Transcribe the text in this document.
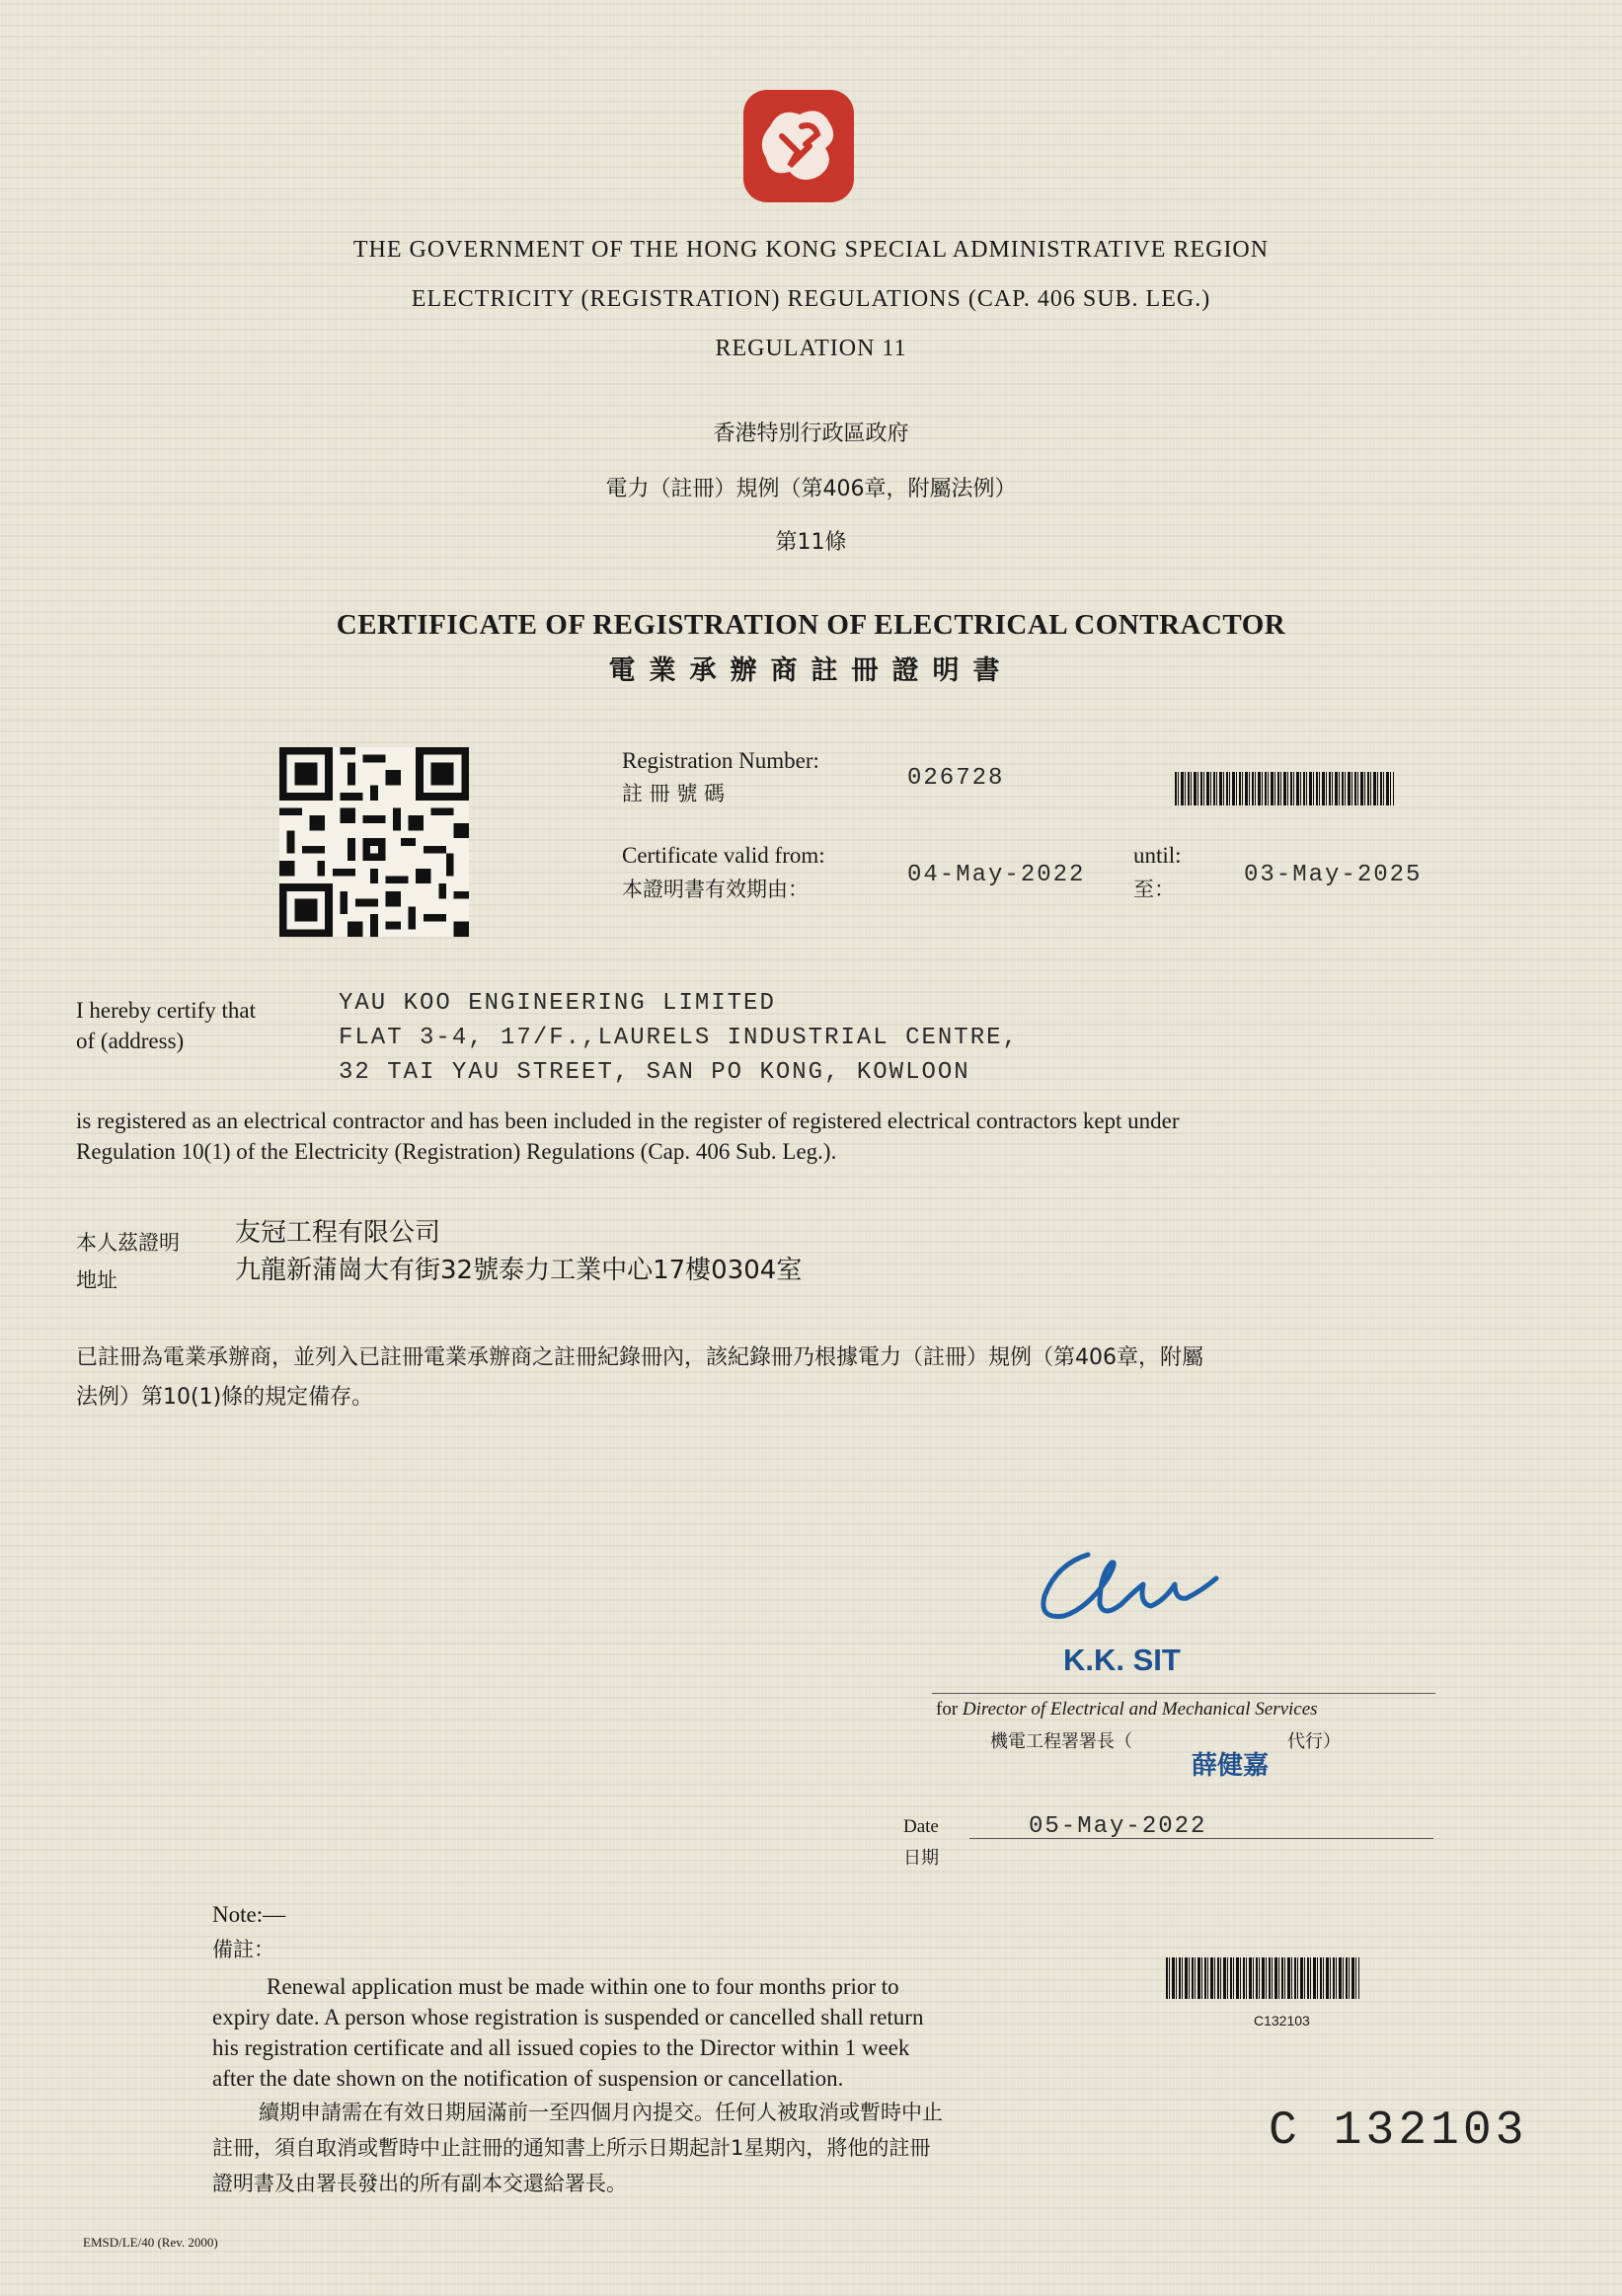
THE GOVERNMENT OF THE HONG KONG SPECIAL ADMINISTRATIVE REGION
ELECTRICITY (REGISTRATION) REGULATIONS (CAP. 406 SUB. LEG.)
REGULATION 11
香港特別行政區政府
電力（註冊）規例（第406章，附屬法例）
第11條
CERTIFICATE OF REGISTRATION OF ELECTRICAL CONTRACTOR
電業承辦商註冊證明書
Registration Number:
註 冊 號 碼
026728
Certificate valid from:
本證明書有效期由：
04-May-2022
until:
至：
03-May-2025
I hereby certify that
of (address)
YAU KOO ENGINEERING LIMITED
FLAT 3-4, 17/F.,LAURELS INDUSTRIAL CENTRE,
32 TAI YAU STREET, SAN PO KONG, KOWLOON
is registered as an electrical contractor and has been included in the register of registered electrical contractors kept under
Regulation 10(1) of the Electricity (Registration) Regulations (Cap. 406 Sub. Leg.).
本人茲證明
地址
友冠工程有限公司
九龍新蒲崗大有街32號泰力工業中心17樓0304室
已註冊為電業承辦商，並列入已註冊電業承辦商之註冊紀錄冊內，該紀錄冊乃根據電力（註冊）規例（第406章，附屬
法例）第10(1)條的規定備存。
K.K. SIT
for Director of Electrical and Mechanical Services
機電工程署署長（	代行）
薛健嘉
Date
日期
05-May-2022
Note:—
備註：
Renewal application must be made within one to four months prior to
expiry date. A person whose registration is suspended or cancelled shall return
his registration certificate and all issued copies to the Director within 1 week
after the date shown on the notification of suspension or cancellation.
續期申請需在有效日期屆滿前一至四個月內提交。任何人被取消或暫時中止
註冊，須自取消或暫時中止註冊的通知書上所示日期起計1星期內，將他的註冊
證明書及由署長發出的所有副本交還給署長。
C132103
C 132103
EMSD/LE/40 (Rev. 2000)
